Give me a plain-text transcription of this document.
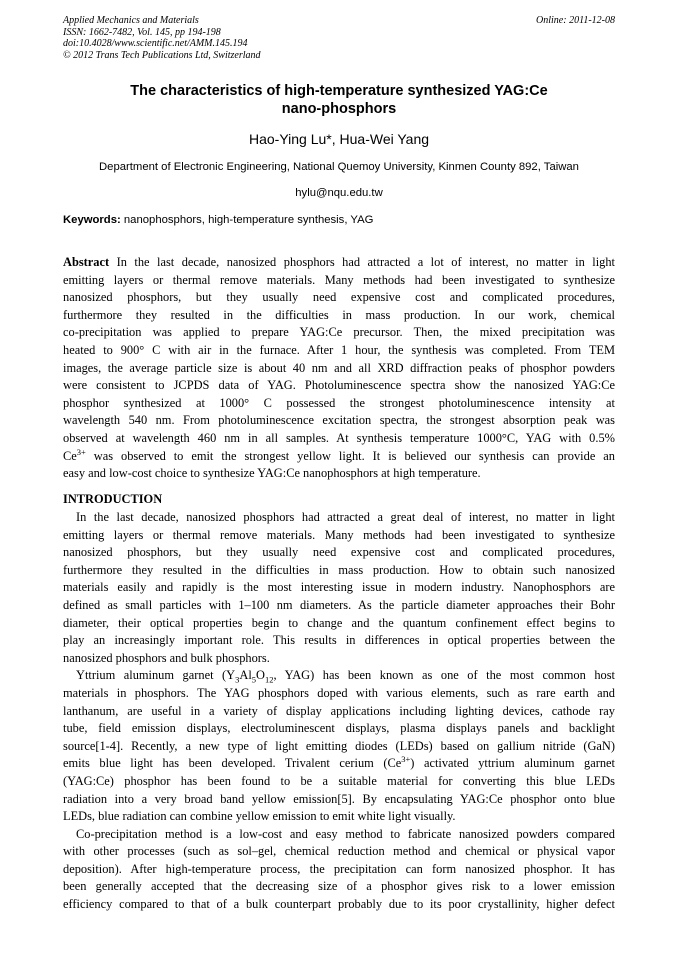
Applied Mechanics and Materials
ISSN: 1662-7482, Vol. 145, pp 194-198
doi:10.4028/www.scientific.net/AMM.145.194
© 2012 Trans Tech Publications Ltd, Switzerland
Online: 2011-12-08
The characteristics of high-temperature synthesized YAG:Ce
nano-phosphors
Hao-Ying Lu*, Hua-Wei Yang
Department of Electronic Engineering, National Quemoy University, Kinmen County 892, Taiwan
hylu@nqu.edu.tw
Keywords: nanophosphors, high-temperature synthesis, YAG
Abstract In the last decade, nanosized phosphors had attracted a lot of interest, no matter in light
emitting layers or thermal remove materials. Many methods had been investigated to synthesize
nanosized phosphors, but they usually need expensive cost and complicated procedures,
furthermore they resulted in the difficulties in mass production. In our work, chemical
co-precipitation was applied to prepare YAG:Ce precursor. Then, the mixed precipitation was
heated to 900° C with air in the furnace. After 1 hour, the synthesis was completed. From TEM
images, the average particle size is about 40 nm and all XRD diffraction peaks of phosphor powders
were consistent to JCPDS data of YAG. Photoluminescence spectra show the nanosized YAG:Ce
phosphor synthesized at 1000° C possessed the strongest photoluminescence intensity at
wavelength 540 nm. From photoluminescence excitation spectra, the strongest absorption peak was
observed at wavelength 460 nm in all samples. At synthesis temperature 1000°C, YAG with 0.5%
$Ce^{3+}$ was observed to emit the strongest yellow light. It is believed our synthesis can provide an
easy and low-cost choice to synthesize YAG:Ce nanophosphors at high temperature.
INTRODUCTION
In the last decade, nanosized phosphors had attracted a great deal of interest, no matter in light
emitting layers or thermal remove materials. Many methods had been investigated to synthesize
nanosized phosphors, but they usually need expensive cost and complicated procedures,
furthermore they resulted in the difficulties in mass production. How to obtain such nanosized
materials easily and rapidly is the most interesting issue in modern industry. Nanophosphors are
defined as small particles with 1–100 nm diameters. As the particle diameter approaches their Bohr
diameter, their optical properties begin to change and the quantum confinement effect begins to
play an increasingly important role. This results in differences in optical properties between the
nanosized phosphors and bulk phosphors.
Yttrium aluminum garnet ($Y_3Al_5O_{12}$, YAG) has been known as one of the most common host
materials in phosphors. The YAG phosphors doped with various elements, such as rare earth and
lanthanum, are useful in a variety of display applications including lighting devices, cathode ray
tube, field emission displays, electroluminescent displays, plasma displays panels and backlight
source[1-4]. Recently, a new type of light emitting diodes (LEDs) based on gallium nitride (GaN)
emits blue light has been developed. Trivalent cerium $(Ce^{3+})$ activated yttrium aluminum garnet
(YAG:Ce) phosphor has been found to be a suitable material for converting this blue LEDs
radiation into a very broad band yellow emission[5]. By encapsulating YAG:Ce phosphor onto blue
LEDs, blue radiation can combine yellow emission to emit white light visually.
Co-precipitation method is a low-cost and easy method to fabricate nanosized powders compared
with other processes (such as sol–gel, chemical reduction method and chemical or physical vapor
deposition). After high-temperature process, the precipitation can form nanosized phosphor. It has
been generally accepted that the decreasing size of a phosphor gives risk to a lower emission
efficiency compared to that of a bulk counterpart probably due to its poor crystallinity, higher defect
